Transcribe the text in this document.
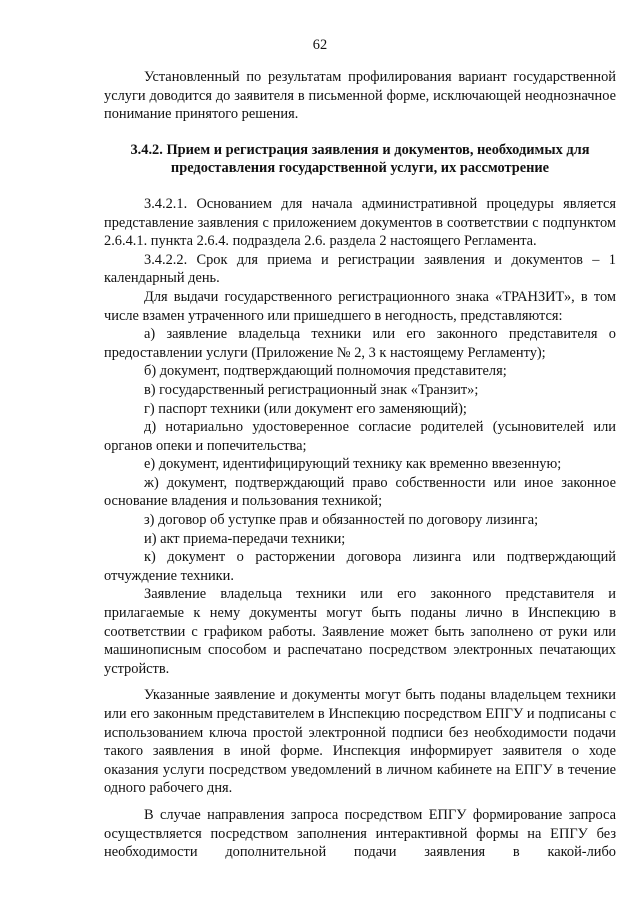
62

Установленный по результатам профилирования вариант государственной услуги доводится до заявителя в письменной форме, исключающей неоднозначное понимание принятого решения.

3.4.2. Прием и регистрация заявления и документов, необходимых для предоставления государственной услуги, их рассмотрение

3.4.2.1. Основанием для начала административной процедуры является представление заявления с приложением документов в соответствии с подпунктом 2.6.4.1. пункта 2.6.4. подраздела 2.6. раздела 2 настоящего Регламента.

3.4.2.2. Срок для приема и регистрации заявления и документов – 1 календарный день.

Для выдачи государственного регистрационного знака «ТРАНЗИТ», в том числе взамен утраченного или пришедшего в негодность, представляются:

а) заявление владельца техники или его законного представителя о предоставлении услуги (Приложение № 2, 3 к настоящему Регламенту);

б) документ, подтверждающий полномочия представителя;

в) государственный регистрационный знак «Транзит»;

г) паспорт техники (или документ его заменяющий);

д) нотариально удостоверенное согласие родителей (усыновителей или органов опеки и попечительства;

е) документ, идентифицирующий технику как временно ввезенную;

ж) документ, подтверждающий право собственности или иное законное основание владения и пользования техникой;

з) договор об уступке прав и обязанностей по договору лизинга;

и) акт приема-передачи техники;

к) документ о расторжении договора лизинга или подтверждающий отчуждение техники.

Заявление владельца техники или его законного представителя и прилагаемые к нему документы могут быть поданы лично в Инспекцию в соответствии с графиком работы. Заявление может быть заполнено от руки или машинописным способом и распечатано посредством электронных печатающих устройств.

Указанные заявление и документы могут быть поданы владельцем техники или его законным представителем в Инспекцию посредством ЕПГУ и подписаны с использованием ключа простой электронной подписи без необходимости подачи такого заявления в иной форме. Инспекция информирует заявителя о ходе оказания услуги посредством уведомлений в личном кабинете на ЕПГУ в течение одного рабочего дня.

В случае направления запроса посредством ЕПГУ формирование запроса осуществляется посредством заполнения интерактивной формы на ЕПГУ без необходимости дополнительной подачи заявления в какой-либо
